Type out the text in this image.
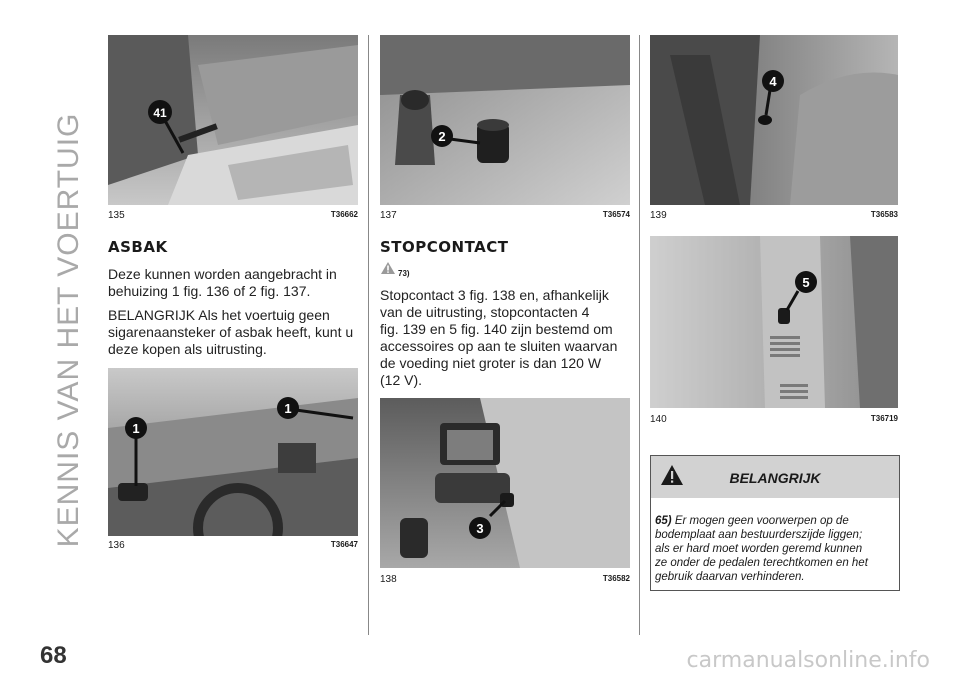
KENNIS VAN HET VOERTUIG
68	carmanualsonline.info
41
135	T36662
1
1
136	T36647
2
137	T36574
3
138	T36582
4
139	T36583
5
140	T36719
ASBAK
Deze kunnen worden aangebracht in
behuizing 1 fig. 136 of 2 fig. 137.
BELANGRIJK Als het voertuig geen
sigarenaansteker of asbak heeft, kunt u
deze kopen als uitrusting.
STOPCONTACT
73)
Stopcontact 3 fig. 138 en, afhankelijk
van de uitrusting, stopcontacten 4
fig. 139 en 5 fig. 140 zijn bestemd om
accessoires op aan te sluiten waarvan
de voeding niet groter is dan 120 W
(12 V).
BELANGRIJK
65) Er mogen geen voorwerpen op de
bodemplaat aan bestuurderszijde liggen;
als er hard moet worden geremd kunnen
ze onder de pedalen terechtkomen en het
gebruik daarvan verhinderen.
